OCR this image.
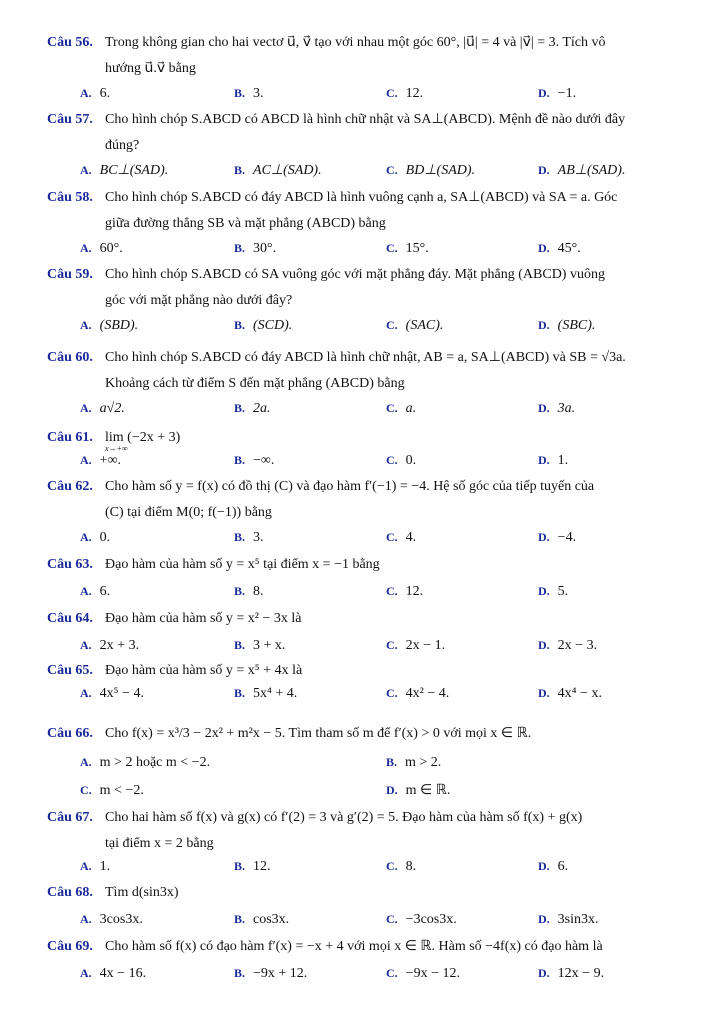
Câu 56. Trong không gian cho hai vectơ u⃗, v⃗ tạo với nhau một góc 60°, |u⃗| = 4 và |v⃗| = 3. Tích vô
hướng u⃗.v⃗ bằng
A. 6.	B. 3.	C. 12.	D. −1.
Câu 57. Cho hình chóp S.ABCD có ABCD là hình chữ nhật và SA⊥(ABCD). Mệnh đề nào dưới đây
đúng?
A. BC⊥(SAD).	B. AC⊥(SAD).	C. BD⊥(SAD).	D. AB⊥(SAD).
Câu 58. Cho hình chóp S.ABCD có đáy ABCD là hình vuông cạnh a, SA⊥(ABCD) và SA = a. Góc
giữa đường thẳng SB và mặt phẳng (ABCD) bằng
A. 60°.	B. 30°.	C. 15°.	D. 45°.
Câu 59. Cho hình chóp S.ABCD có SA vuông góc với mặt phẳng đáy. Mặt phẳng (ABCD) vuông
góc với mặt phẳng nào dưới đây?
A. (SBD).	B. (SCD).	C. (SAC).	D. (SBC).
Câu 60. Cho hình chóp S.ABCD có đáy ABCD là hình chữ nhật, AB = a, SA⊥(ABCD) và SB = √3a.
Khoảng cách từ điểm S đến mặt phẳng (ABCD) bằng
A. a√2.	B. 2a.	C. a.	D. 3a.
Câu 61. lim (−2x + 3)
x→+∞
A. +∞.	B. −∞.	C. 0.	D. 1.
Câu 62. Cho hàm số y = f(x) có đồ thị (C) và đạo hàm f′(−1) = −4. Hệ số góc của tiếp tuyến của
(C) tại điểm M(0; f(−1)) bằng
A. 0.	B. 3.	C. 4.	D. −4.
Câu 63. Đạo hàm của hàm số y = x⁵ tại điểm x = −1 bằng
A. 6.	B. 8.	C. 12.	D. 5.
Câu 64. Đạo hàm của hàm số y = x² − 3x là
A. 2x + 3.	B. 3 + x.	C. 2x − 1.	D. 2x − 3.
Câu 65. Đạo hàm của hàm số y = x⁵ + 4x là
A. 4x⁵ − 4.	B. 5x⁴ + 4.	C. 4x² − 4.	D. 4x⁴ − x.
Câu 66. Cho f(x) = x³/3 − 2x² + m²x − 5. Tìm tham số m để f′(x) > 0 với mọi x ∈ ℝ.
A. m > 2 hoặc m < −2.	B. m > 2.
C. m < −2.	D. m ∈ ℝ.
Câu 67. Cho hai hàm số f(x) và g(x) có f′(2) = 3 và g′(2) = 5. Đạo hàm của hàm số f(x) + g(x)
tại điểm x = 2 bằng
A. 1.	B. 12.	C. 8.	D. 6.
Câu 68. Tìm d(sin3x)
A. 3cos3x.	B. cos3x.	C. −3cos3x.	D. 3sin3x.
Câu 69. Cho hàm số f(x) có đạo hàm f′(x) = −x + 4 với mọi x ∈ ℝ. Hàm số −4f(x) có đạo hàm là
A. 4x − 16.	B. −9x + 12.	C. −9x − 12.	D. 12x − 9.
